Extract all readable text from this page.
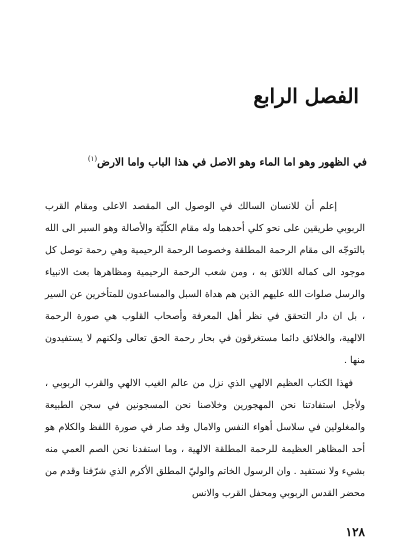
الفصل الرابع
في الظهور وهو اما الماء وهو الاصل في هذا الباب واما الارض$^{(١)}$

إعلم أن للانسان السالك في الوصول الى المقصد الاعلى ومقام القرب الربوبي طريقين على نحو كلي أحدهما وله مقام الكلّيّة والأصالة وهو السير الى الله بالتوجّه الى مقام الرحمة المطلقة وخصوصا الرحمة الرحيمية وهي رحمة توصل كل موجود الى كماله اللائق به ، ومن شعب الرحمة الرحيمية ومظاهرها بعث الانبياء والرسل صلوات الله عليهم الذين هم هداة السبل والمساعدون للمتأخرين عن السير ، بل ان دار التحقق في نظر أهل المعرفة وأصحاب القلوب هي صورة الرحمة الالهية، والخلائق دائما مستغرقون في بحار رحمة الحق تعالى ولكنهم لا يستفيدون منها .

فهذا الكتاب العظيم الالهي الذي نزل من عالم الغيب الالهي والقرب الربوبي ، ولأجل استفادتنا نحن المهجورين وخلاصنا نحن المسجونين في سجن الطبيعة والمغلولين في سلاسل أهواء النفس والامال وقد صار في صورة اللفظ والكلام هو أحد المظاهر العظيمة للرحمة المطلقة الالهية ، وما استفدنا نحن الصم العمي منه بشيء ولا نستفيد . وان الرسول الخاتم والوليّ المطلق الأكرم الذي شرّفنا وقدم من محضر القدس الربوبي ومحفل القرب والانس

١٢٨
